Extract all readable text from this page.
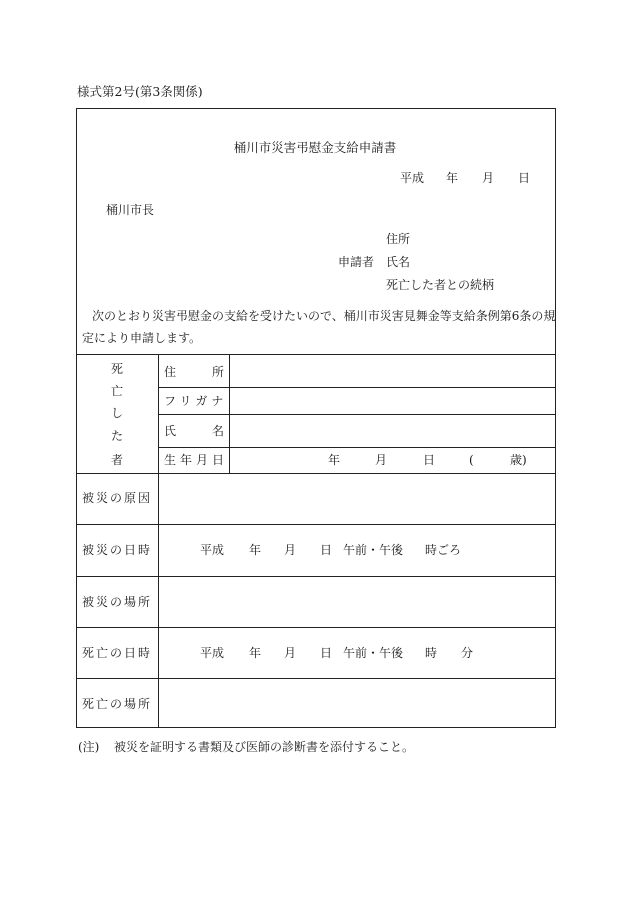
様式第2号(第3条関係)
桶川市災害弔慰金支給申請書
平成 年 月 日
桶川市長
住所
申請者 氏名
死亡した者との続柄
次のとおり災害弔慰金の支給を受けたいので、桶川市災害見舞金等支給条例第6条の規
定により申請します。
死
亡
し
た
者
住	所
フリガナ
氏	名
生年月日	年	月	日	(	歳)
被災の原因
被災の日時	平成 年 月 日 午前・午後 時ごろ
被災の場所
死亡の日時	平成 年 月 日 午前・午後 時 分
死亡の場所
(注) 被災を証明する書類及び医師の診断書を添付すること。
